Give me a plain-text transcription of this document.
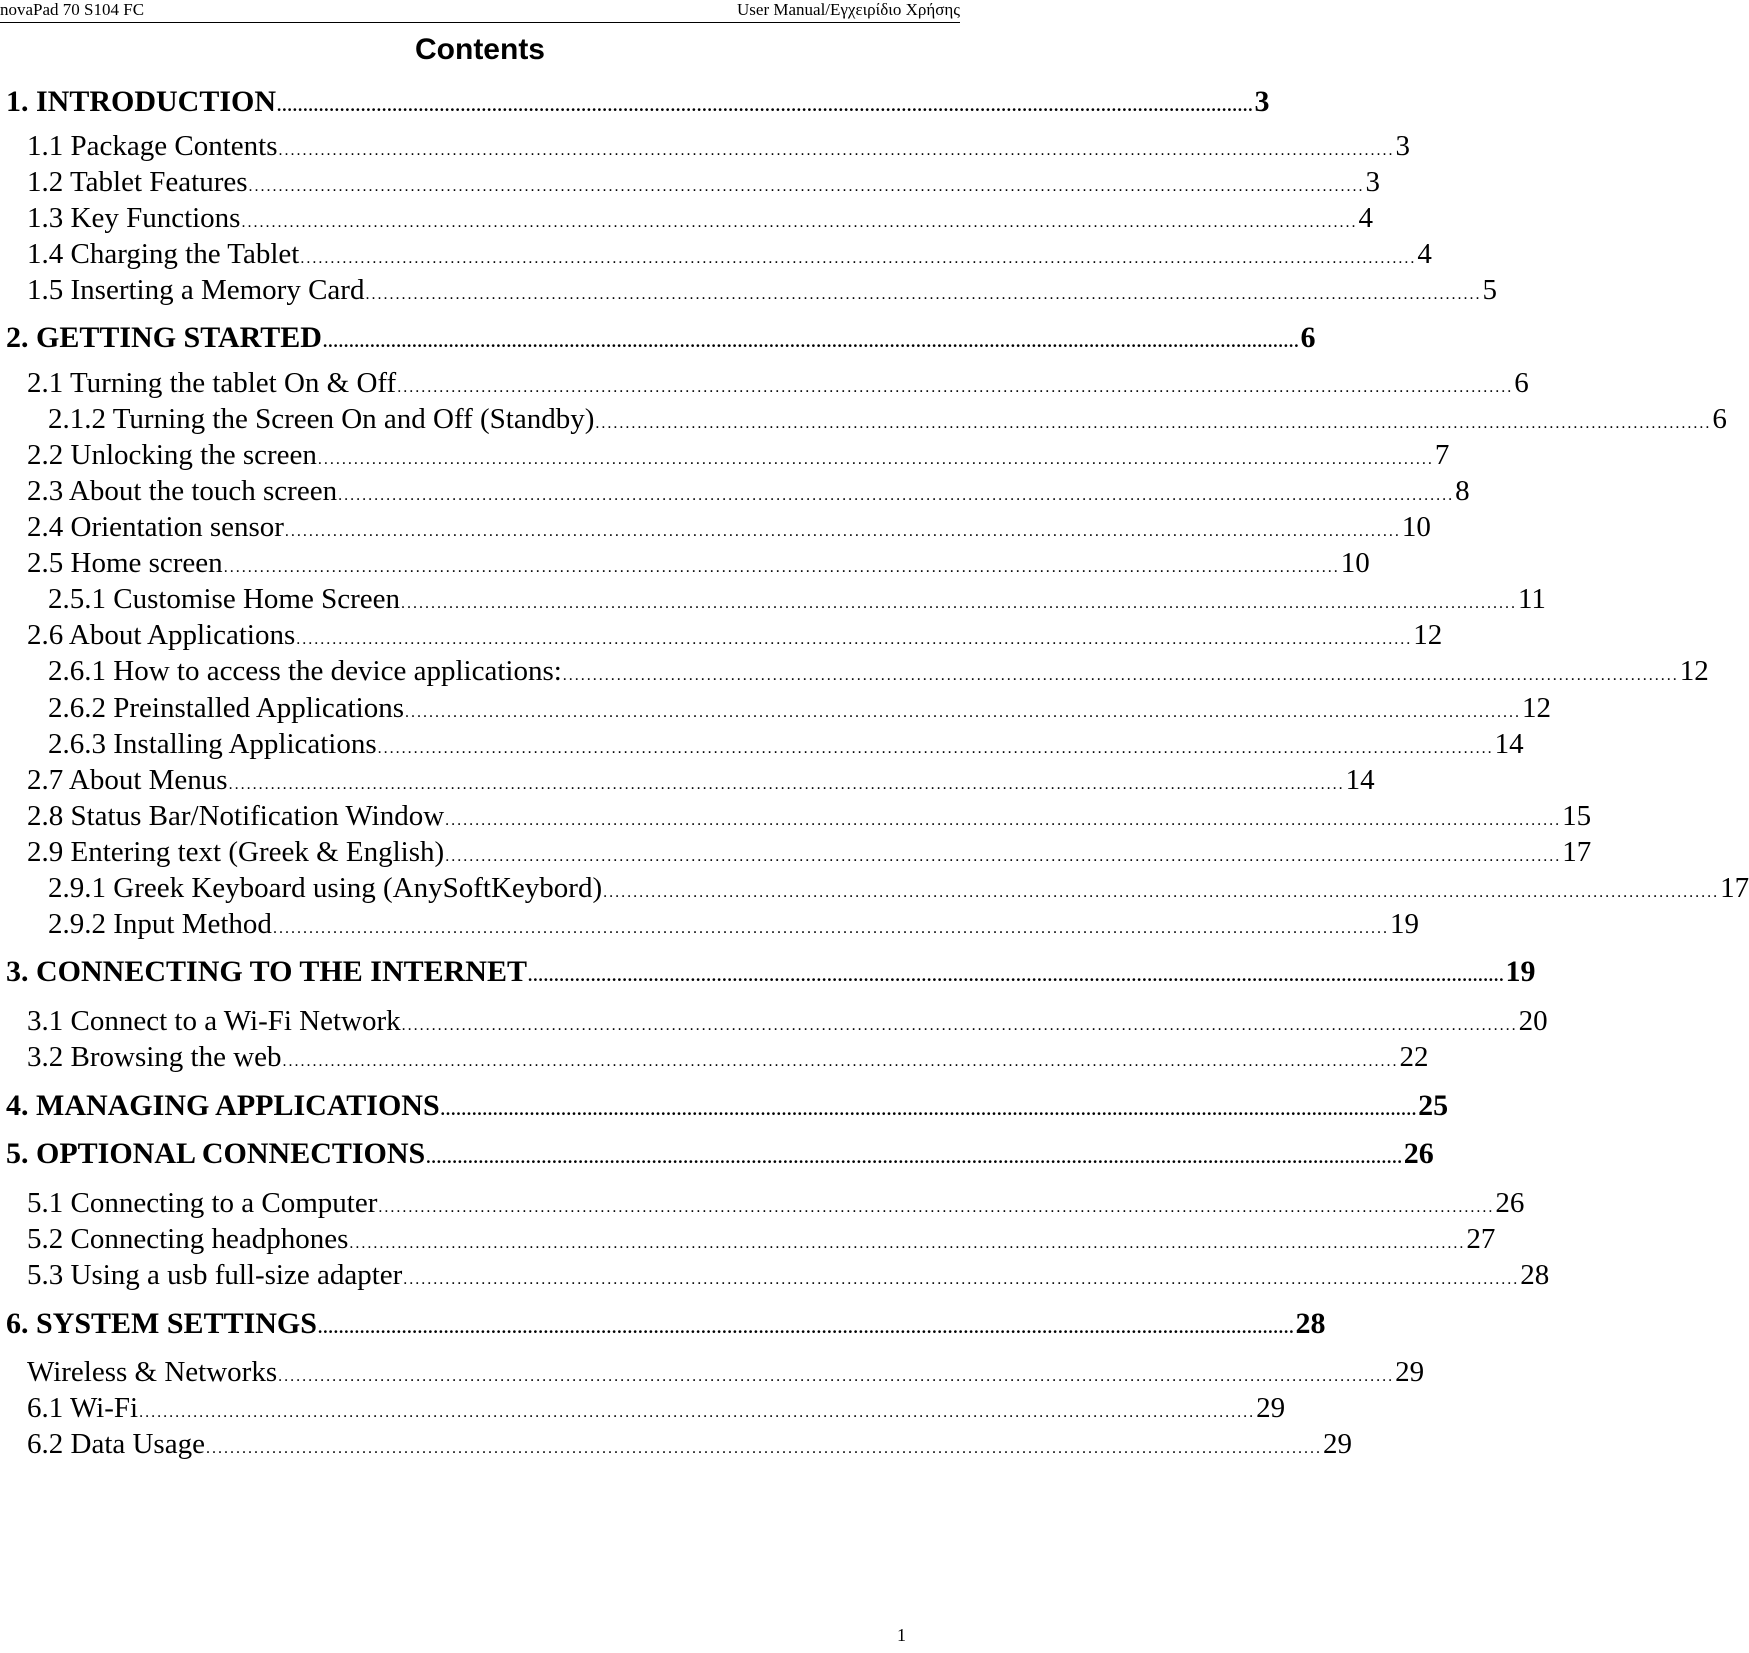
novaPad 70 S104 FC	User Manual/Εγχειρίδιο Χρήσης
Contents
1. INTRODUCTION .......................................................................................................................................................................................... 3
1.1 Package Contents .......................................................................................................................................................................................... 3
1.2 Tablet Features .......................................................................................................................................................................................... 3
1.3 Key Functions .......................................................................................................................................................................................... 4
1.4 Charging the Tablet .......................................................................................................................................................................................... 4
1.5 Inserting a Memory Card .......................................................................................................................................................................................... 5
2. GETTING STARTED .......................................................................................................................................................................................... 6
2.1 Turning the tablet On & Off .......................................................................................................................................................................................... 6
2.1.2 Turning the Screen On and Off (Standby) .......................................................................................................................................................................................... 6
2.2 Unlocking the screen .......................................................................................................................................................................................... 7
2.3 About the touch screen .......................................................................................................................................................................................... 8
2.4 Orientation sensor .......................................................................................................................................................................................... 10
2.5 Home screen .......................................................................................................................................................................................... 10
2.5.1 Customise Home Screen .......................................................................................................................................................................................... 11
2.6 About Applications .......................................................................................................................................................................................... 12
2.6.1 How to access the device applications: .......................................................................................................................................................................................... 12
2.6.2 Preinstalled Applications .......................................................................................................................................................................................... 12
2.6.3 Installing Applications .......................................................................................................................................................................................... 14
2.7 About Menus .......................................................................................................................................................................................... 14
2.8 Status Bar/Notification Window .......................................................................................................................................................................................... 15
2.9 Entering text (Greek & English) .......................................................................................................................................................................................... 17
2.9.1 Greek Keyboard using (AnySoftKeybord) .......................................................................................................................................................................................... 17
2.9.2 Input Method .......................................................................................................................................................................................... 19
3. CONNECTING TO THE INTERNET .......................................................................................................................................................................................... 19
3.1 Connect to a Wi-Fi Network .......................................................................................................................................................................................... 20
3.2 Browsing the web .......................................................................................................................................................................................... 22
4. MANAGING APPLICATIONS .......................................................................................................................................................................................... 25
5. OPTIONAL CONNECTIONS .......................................................................................................................................................................................... 26
5.1 Connecting to a Computer .......................................................................................................................................................................................... 26
5.2 Connecting headphones .......................................................................................................................................................................................... 27
5.3 Using a usb full-size adapter .......................................................................................................................................................................................... 28
6. SYSTEM SETTINGS .......................................................................................................................................................................................... 28
Wireless & Networks .......................................................................................................................................................................................... 29
6.1 Wi-Fi .......................................................................................................................................................................................... 29
6.2 Data Usage .......................................................................................................................................................................................... 29
1
